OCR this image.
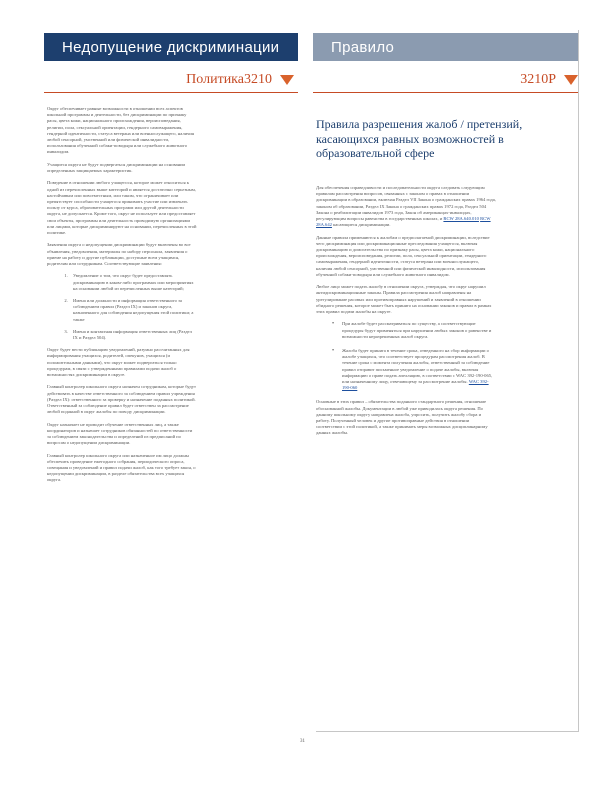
Недопущение дискриминации	Правило
Политика3210	3210P

Округ обеспечивает равные возможности в отношении всех аспектов школьной программы и деятельности, без дискриминации по признаку расы, цвета кожи, национального происхождения, вероисповедания, религии, пола, сексуальной ориентации, гендерного самовыражения, гендерной идентичности, статуса ветерана или военнослужащего, наличия любой сенсорной, умственной или физической инвалидности, использования обученной собаки-поводыря или служебного животного инвалидом.

Учащиеся округа не будут подвергаться дискриминации на основании определенных защищаемых характеристик.

Поведение в отношении любого учащегося, которое может относиться к одной из перечисленных выше категорий и является достаточно серьезным, настойчивым или повсеместным, или таким, что ограничивает или препятствует способности учащегося принимать участие или извлекать пользу от курса, образовательных программ или другой деятельности округа, не допускается. Кроме того, округ не использует или предоставляет свои объекты, программы или деятельность проводимую организациями или лицами, которые дискриминируют на основании, перечисленных в этой политике.

Заявления округа о недопущении дискриминации будут включены во все объявления, уведомления, материалы по набору персонала, заявления о приеме на работу и другие публикации, доступные всем учащимся, родителям или сотрудникам. Соответствующие заявления:

1. Уведомление о том, что округ будет предоставлять дискриминацию в каком-либо программах или мероприятиях на основании любой из перечисленных выше категорий;
2. Имена или должности и информация ответственного за соблюдением правил (Раздел IX) и законов округа, назначенного для соблюдения недопущения этой политики; а также
3. Имена и контактная информация ответственных лиц (Раздел IX и Раздел 504).

Округ будет вести публикацию уведомлений, разумно рассчитанных для информирования учащихся, родителей, опекунов, учащихся (и положительными данными), что округ может подвергаться только процедурам, в связи с утвержденными правилами подачи жалоб о возможностях дискриминации в округе.

Главный контролер школьного округа назначен сотрудникам, которые будут действовать в качестве ответственного за соблюдением правил учреждения (Раздел IX): ответственного за проверку и назначение поданных политикой. Ответственный за соблюдение правил будет ответствен за рассмотрение любой поданной в округ жалобы по поводу дискриминации.

Округ назначает не проводит обучение ответственных лиц, а также координаторов и назначает сотрудников обязанностей по ответственности за соблюдением законодательства и определений из предписаний по вопросам о недопущении дискриминации.

Главный контролер школьного округа или назначенное им лицо должны обеспечить проведение ежегодного собрания, периодического опроса, совещания и уведомлений и правил подачи жалоб, как того требует закон, о недопущении дискриминации, в разделе обязательства всех учащихся округа.

Правила разрешения жалоб / претензий, касающихся равных возможностей в образовательной сфере

Для обеспечения справедливости и последовательности округа следовать следующим правилам рассмотрения вопросов, связанных с законом о правах в отношении дискриминации в образовании, включая Раздел VII Закона о гражданских правах 1964 года, законом об образовании, Раздел IX Закона о гражданских правах 1972 года, Раздел 504 Закона о реабилитации инвалидов 1973 года, Закон об американцах-инвалидах, регулирующим вопросы равенства в государственных школах, и RCW 28A.640.010 RCW 28A.642 касающиеся дискриминации.

Данные правила применяются к жалобам о предполагаемой дискриминации, вследствие чего дискриминация или дискриминационные преследования учащегося, включая дискриминацию и домогательства по признаку расы, цвета кожи, национального происхождения, вероисповедания, религии, пола, сексуальной ориентации, гендерного самовыражения, гендерной идентичности, статуса ветерана или военнослужащего, наличия любой сенсорной, умственной или физической инвалидности, использования обученной собаки-поводыря или служебного животного инвалидом.

Любое лицо может подать жалобу в отношении округа, утверждая, что округ нарушил антидискриминационные законы. Правила рассмотрения жалоб направлены на урегулирование расовых или противоправных нарушений и заявлений в отношении обидного решения, которое может быть принято на основании законов и правил в рамках этих правил подачи жалобы на округе.

• При жалобе будет рассматриваться по существу, а соответствующие процедуры будут применяться при нарушении любых законов о равенстве и возможности неразрешенных жалоб округа.
• Жалоба будет принята в течение срока, отведенного на сбор информации о жалобе учащихся, что соответствует процедурам рассмотрения жалоб. В течение срока с момента получения жалобы, ответственный за соблюдение правил отправит письменное уведомление о подаче жалобы, включая информацию о праве подать апелляцию, в соответствии с WAC 392-190-065, или назначенному лицу, отвечающему за рассмотрение жалобы. WAC 392-190-060

Основные в этих правил – обязательства поданного стандартного решения, отношение обоснованной жалобы. Документации в любой уже приводилась округа решения. По данному школьному округу направлена жалоба, упросить, получить жалобу сбора и работу. Полученный человек и другие противоправные действия в отношении соответствии с этой политикой, а также принимать меры возможных дисциплинарному данных жалобы.

31
